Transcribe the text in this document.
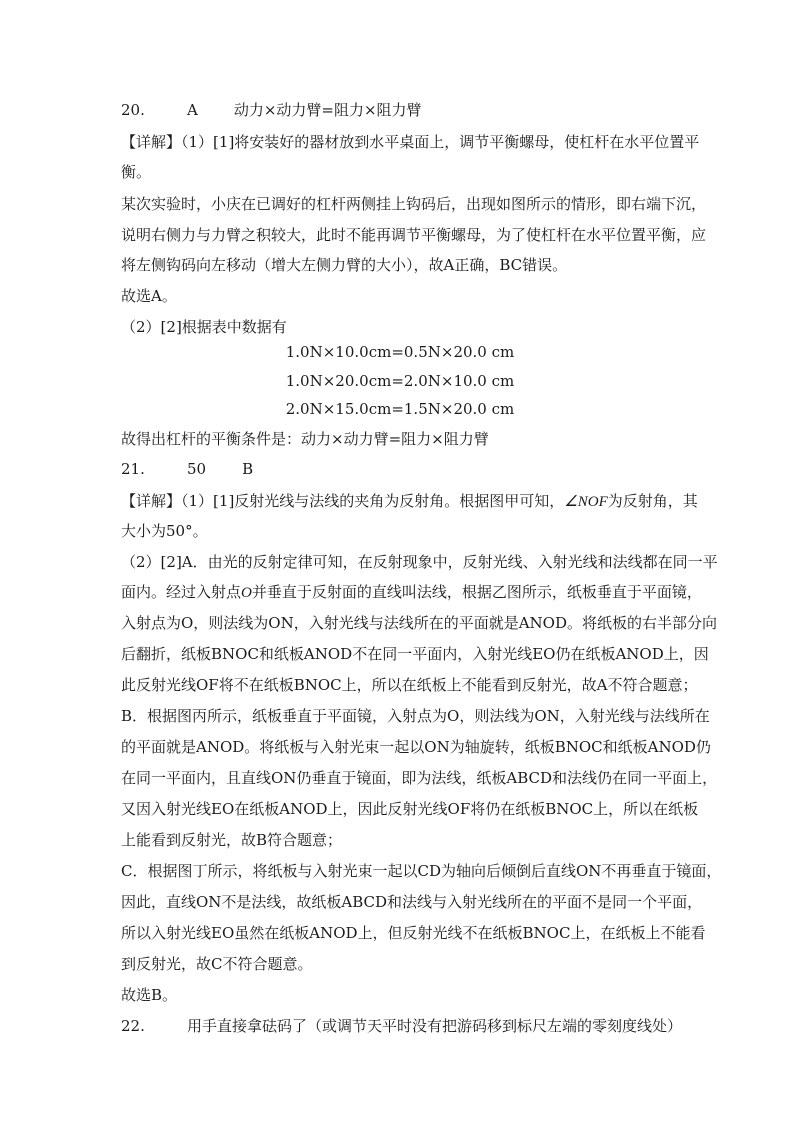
20.	A 动力×动力臂=阻力×阻力臂
【详解】（1）[1]将安装好的器材放到水平桌面上，调节平衡螺母，使杠杆在水平位置平
衡。
某次实验时，小庆在已调好的杠杆两侧挂上钩码后，出现如图所示的情形，即右端下沉，
说明右侧力与力臂之积较大，此时不能再调节平衡螺母，为了使杠杆在水平位置平衡，应
将左侧钩码向左移动（增大左侧力臂的大小），故A正确，BC错误。
故选A。
（2）[2]根据表中数据有
1.0N×10.0cm=0.5N×20.0 cm
1.0N×20.0cm=2.0N×10.0 cm
2.0N×15.0cm=1.5N×20.0 cm
故得出杠杆的平衡条件是：动力×动力臂=阻力×阻力臂
21.	50 B
【详解】（1）[1]反射光线与法线的夹角为反射角。根据图甲可知，∠NOF为反射角，其
大小为50°。
（2）[2]A．由光的反射定律可知，在反射现象中，反射光线、入射光线和法线都在同一平
面内。经过入射点O并垂直于反射面的直线叫法线，根据乙图所示，纸板垂直于平面镜，
入射点为O，则法线为ON，入射光线与法线所在的平面就是ANOD。将纸板的右半部分向
后翻折，纸板BNOC和纸板ANOD不在同一平面内，入射光线EO仍在纸板ANOD上，因
此反射光线OF将不在纸板BNOC上，所以在纸板上不能看到反射光，故A不符合题意；
B．根据图丙所示，纸板垂直于平面镜，入射点为O，则法线为ON，入射光线与法线所在
的平面就是ANOD。将纸板与入射光束一起以ON为轴旋转，纸板BNOC和纸板ANOD仍
在同一平面内，且直线ON仍垂直于镜面，即为法线，纸板ABCD和法线仍在同一平面上，
又因入射光线EO在纸板ANOD上，因此反射光线OF将仍在纸板BNOC上，所以在纸板
上能看到反射光，故B符合题意；
C．根据图丁所示，将纸板与入射光束一起以CD为轴向后倾倒后直线ON不再垂直于镜面，
因此，直线ON不是法线，故纸板ABCD和法线与入射光线所在的平面不是同一个平面，
所以入射光线EO虽然在纸板ANOD上，但反射光线不在纸板BNOC上，在纸板上不能看
到反射光，故C不符合题意。
故选B。
22.	用手直接拿砝码了（或调节天平时没有把游码移到标尺左端的零刻度线处）
